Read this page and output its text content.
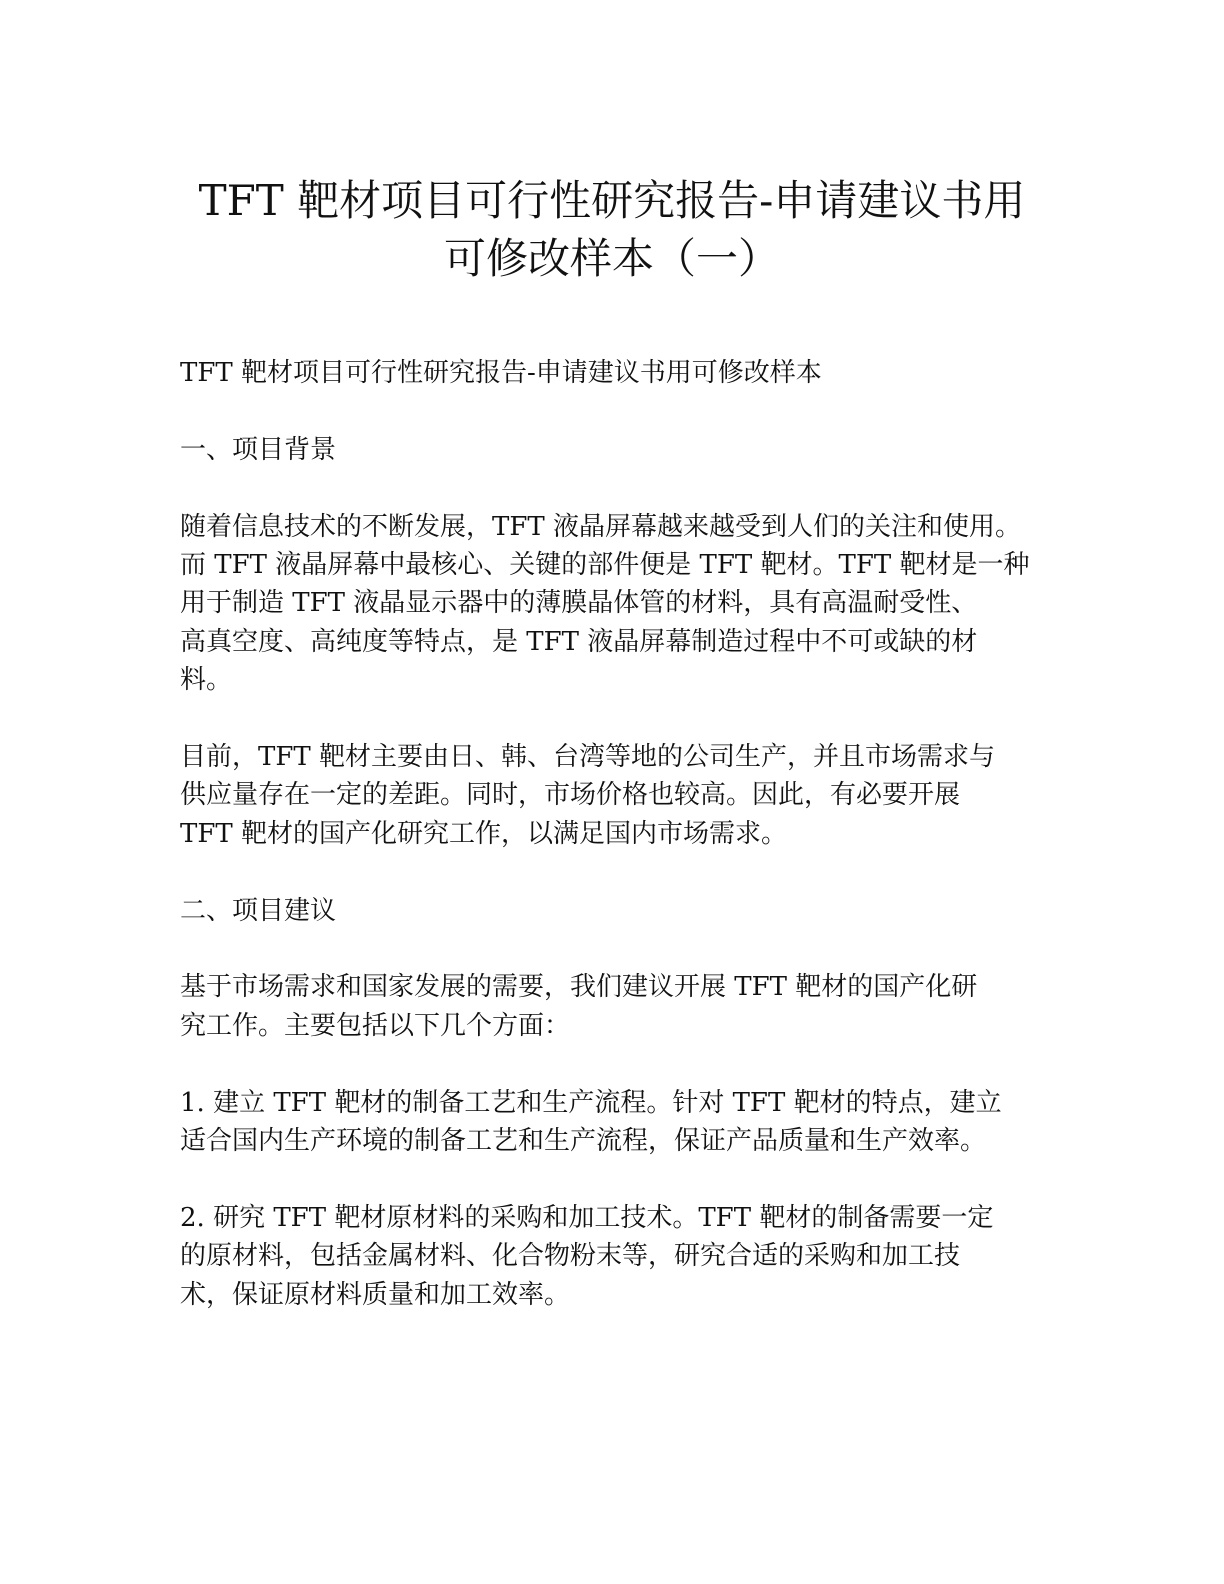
TFT 靶材项目可行性研究报告-申请建议书用
可修改样本（一）

TFT 靶材项目可行性研究报告-申请建议书用可修改样本

一、项目背景

随着信息技术的不断发展，TFT 液晶屏幕越来越受到人们的关注和使用。
而 TFT 液晶屏幕中最核心、关键的部件便是 TFT 靶材。TFT 靶材是一种
用于制造 TFT 液晶显示器中的薄膜晶体管的材料，具有高温耐受性、
高真空度、高纯度等特点，是 TFT 液晶屏幕制造过程中不可或缺的材
料。

目前，TFT 靶材主要由日、韩、台湾等地的公司生产，并且市场需求与
供应量存在一定的差距。同时，市场价格也较高。因此，有必要开展
TFT 靶材的国产化研究工作，以满足国内市场需求。

二、项目建议

基于市场需求和国家发展的需要，我们建议开展 TFT 靶材的国产化研
究工作。主要包括以下几个方面：

1. 建立 TFT 靶材的制备工艺和生产流程。针对 TFT 靶材的特点，建立
适合国内生产环境的制备工艺和生产流程，保证产品质量和生产效率。

2. 研究 TFT 靶材原材料的采购和加工技术。TFT 靶材的制备需要一定
的原材料，包括金属材料、化合物粉末等，研究合适的采购和加工技
术，保证原材料质量和加工效率。
